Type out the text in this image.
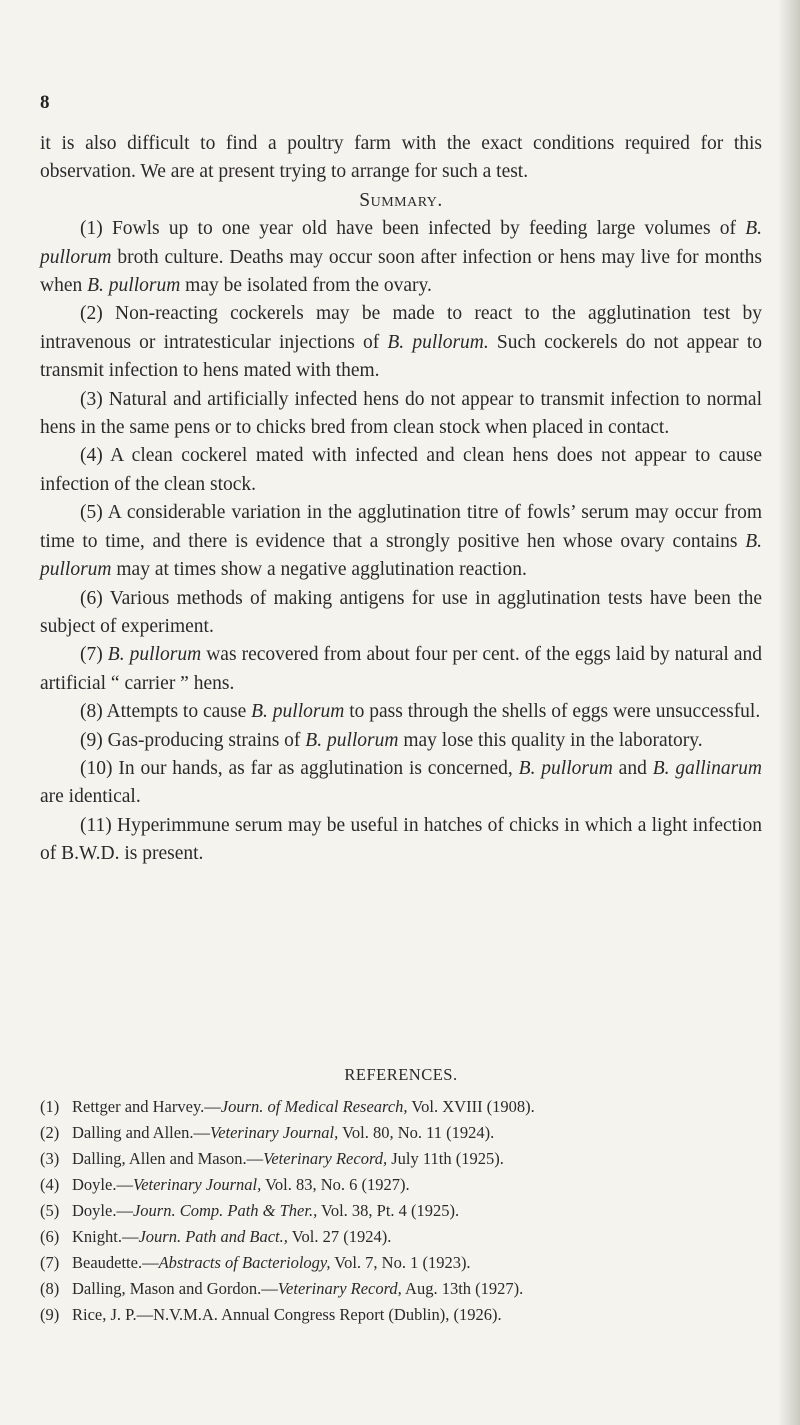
8

it is also difficult to find a poultry farm with the exact conditions required for this observation. We are at present trying to arrange for such a test.

Summary.

(1) Fowls up to one year old have been infected by feeding large volumes of B. pullorum broth culture. Deaths may occur soon after infection or hens may live for months when B. pullorum may be isolated from the ovary.

(2) Non-reacting cockerels may be made to react to the agglutination test by intravenous or intratesticular injections of B. pullorum. Such cockerels do not appear to transmit infection to hens mated with them.

(3) Natural and artificially infected hens do not appear to transmit infection to normal hens in the same pens or to chicks bred from clean stock when placed in contact.

(4) A clean cockerel mated with infected and clean hens does not appear to cause infection of the clean stock.

(5) A considerable variation in the agglutination titre of fowls’ serum may occur from time to time, and there is evidence that a strongly positive hen whose ovary contains B. pullorum may at times show a negative agglutination reaction.

(6) Various methods of making antigens for use in agglutination tests have been the subject of experiment.

(7) B. pullorum was recovered from about four per cent. of the eggs laid by natural and artificial “ carrier ” hens.

(8) Attempts to cause B. pullorum to pass through the shells of eggs were unsuccessful.

(9) Gas-producing strains of B. pullorum may lose this quality in the laboratory.

(10) In our hands, as far as agglutination is concerned, B. pullorum and B. gallinarum are identical.

(11) Hyperimmune serum may be useful in hatches of chicks in which a light infection of B.W.D. is present.

REFERENCES.

(1) Rettger and Harvey.—Journ. of Medical Research, Vol. XVIII (1908).
(2) Dalling and Allen.—Veterinary Journal, Vol. 80, No. 11 (1924).
(3) Dalling, Allen and Mason.—Veterinary Record, July 11th (1925).
(4) Doyle.—Veterinary Journal, Vol. 83, No. 6 (1927).
(5) Doyle.—Journ. Comp. Path & Ther., Vol. 38, Pt. 4 (1925).
(6) Knight.—Journ. Path and Bact., Vol. 27 (1924).
(7) Beaudette.—Abstracts of Bacteriology, Vol. 7, No. 1 (1923).
(8) Dalling, Mason and Gordon.—Veterinary Record, Aug. 13th (1927).
(9) Rice, J. P.—N.V.M.A. Annual Congress Report (Dublin), (1926).
